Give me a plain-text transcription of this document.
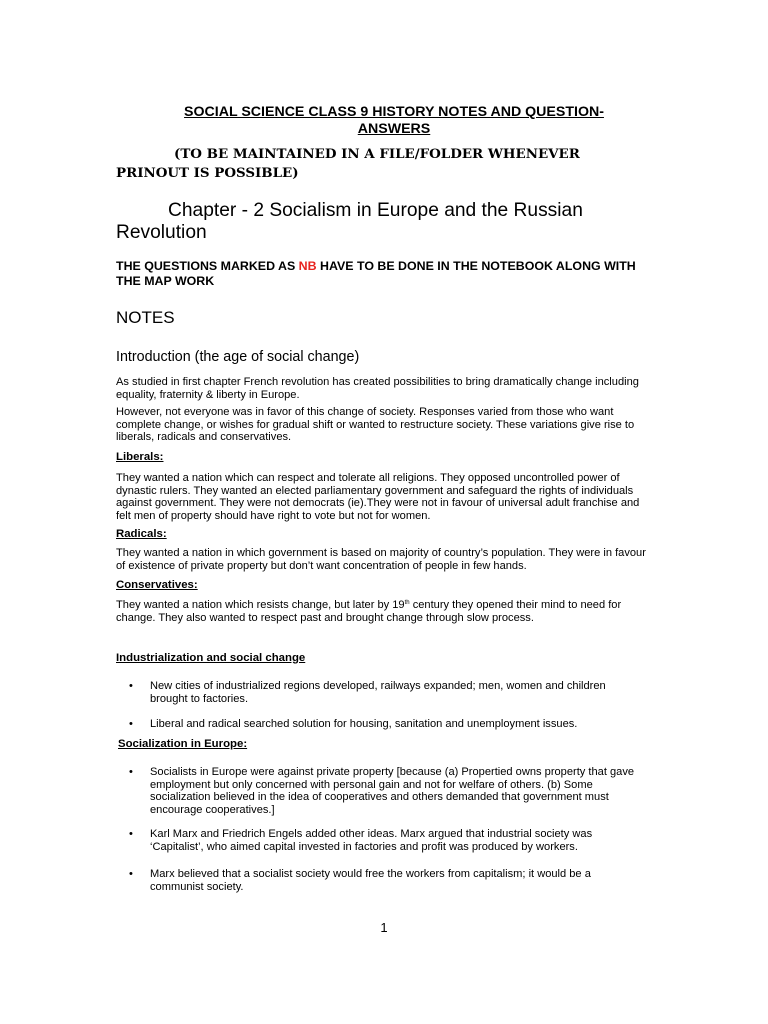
SOCIAL SCIENCE CLASS 9 HISTORY NOTES AND QUESTION-ANSWERS
(TO BE MAINTAINED IN A FILE/FOLDER WHENEVER PRINOUT IS POSSIBLE)
Chapter - 2 Socialism in Europe and the Russian Revolution
THE QUESTIONS MARKED AS NB HAVE TO BE DONE IN THE NOTEBOOK ALONG WITH THE MAP WORK
NOTES
Introduction (the age of social change)
As studied in first chapter French revolution has created possibilities to bring dramatically change including equality, fraternity & liberty in Europe.
However, not everyone was in favor of this change of society. Responses varied from those who want complete change, or wishes for gradual shift or wanted to restructure society. These variations give rise to liberals, radicals and conservatives.
Liberals:
They wanted a nation which can respect and tolerate all religions. They opposed uncontrolled power of dynastic rulers. They wanted an elected parliamentary government and safeguard the rights of individuals against government. They were not democrats (ie).They were not in favour of universal adult franchise and felt men of property should have right to vote but not for women.
Radicals:
They wanted a nation in which government is based on majority of country’s population. They were in favour of existence of private property but don’t want concentration of people in few hands.
Conservatives:
They wanted a nation which resists change, but later by 19th century they opened their mind to need for change. They also wanted to respect past and brought change through slow process.
Industrialization and social change
•	New cities of industrialized regions developed, railways expanded; men, women and children brought to factories.
•	Liberal and radical searched solution for housing, sanitation and unemployment issues.
Socialization in Europe:
•	Socialists in Europe were against private property [because (a) Propertied owns property that gave employment but only concerned with personal gain and not for welfare of others. (b) Some socialization believed in the idea of cooperatives and others demanded that government must encourage cooperatives.]
•	Karl Marx and Friedrich Engels added other ideas. Marx argued that industrial society was ‘Capitalist’, who aimed capital invested in factories and profit was produced by workers.
•	Marx believed that a socialist society would free the workers from capitalism; it would be a communist society.
1
